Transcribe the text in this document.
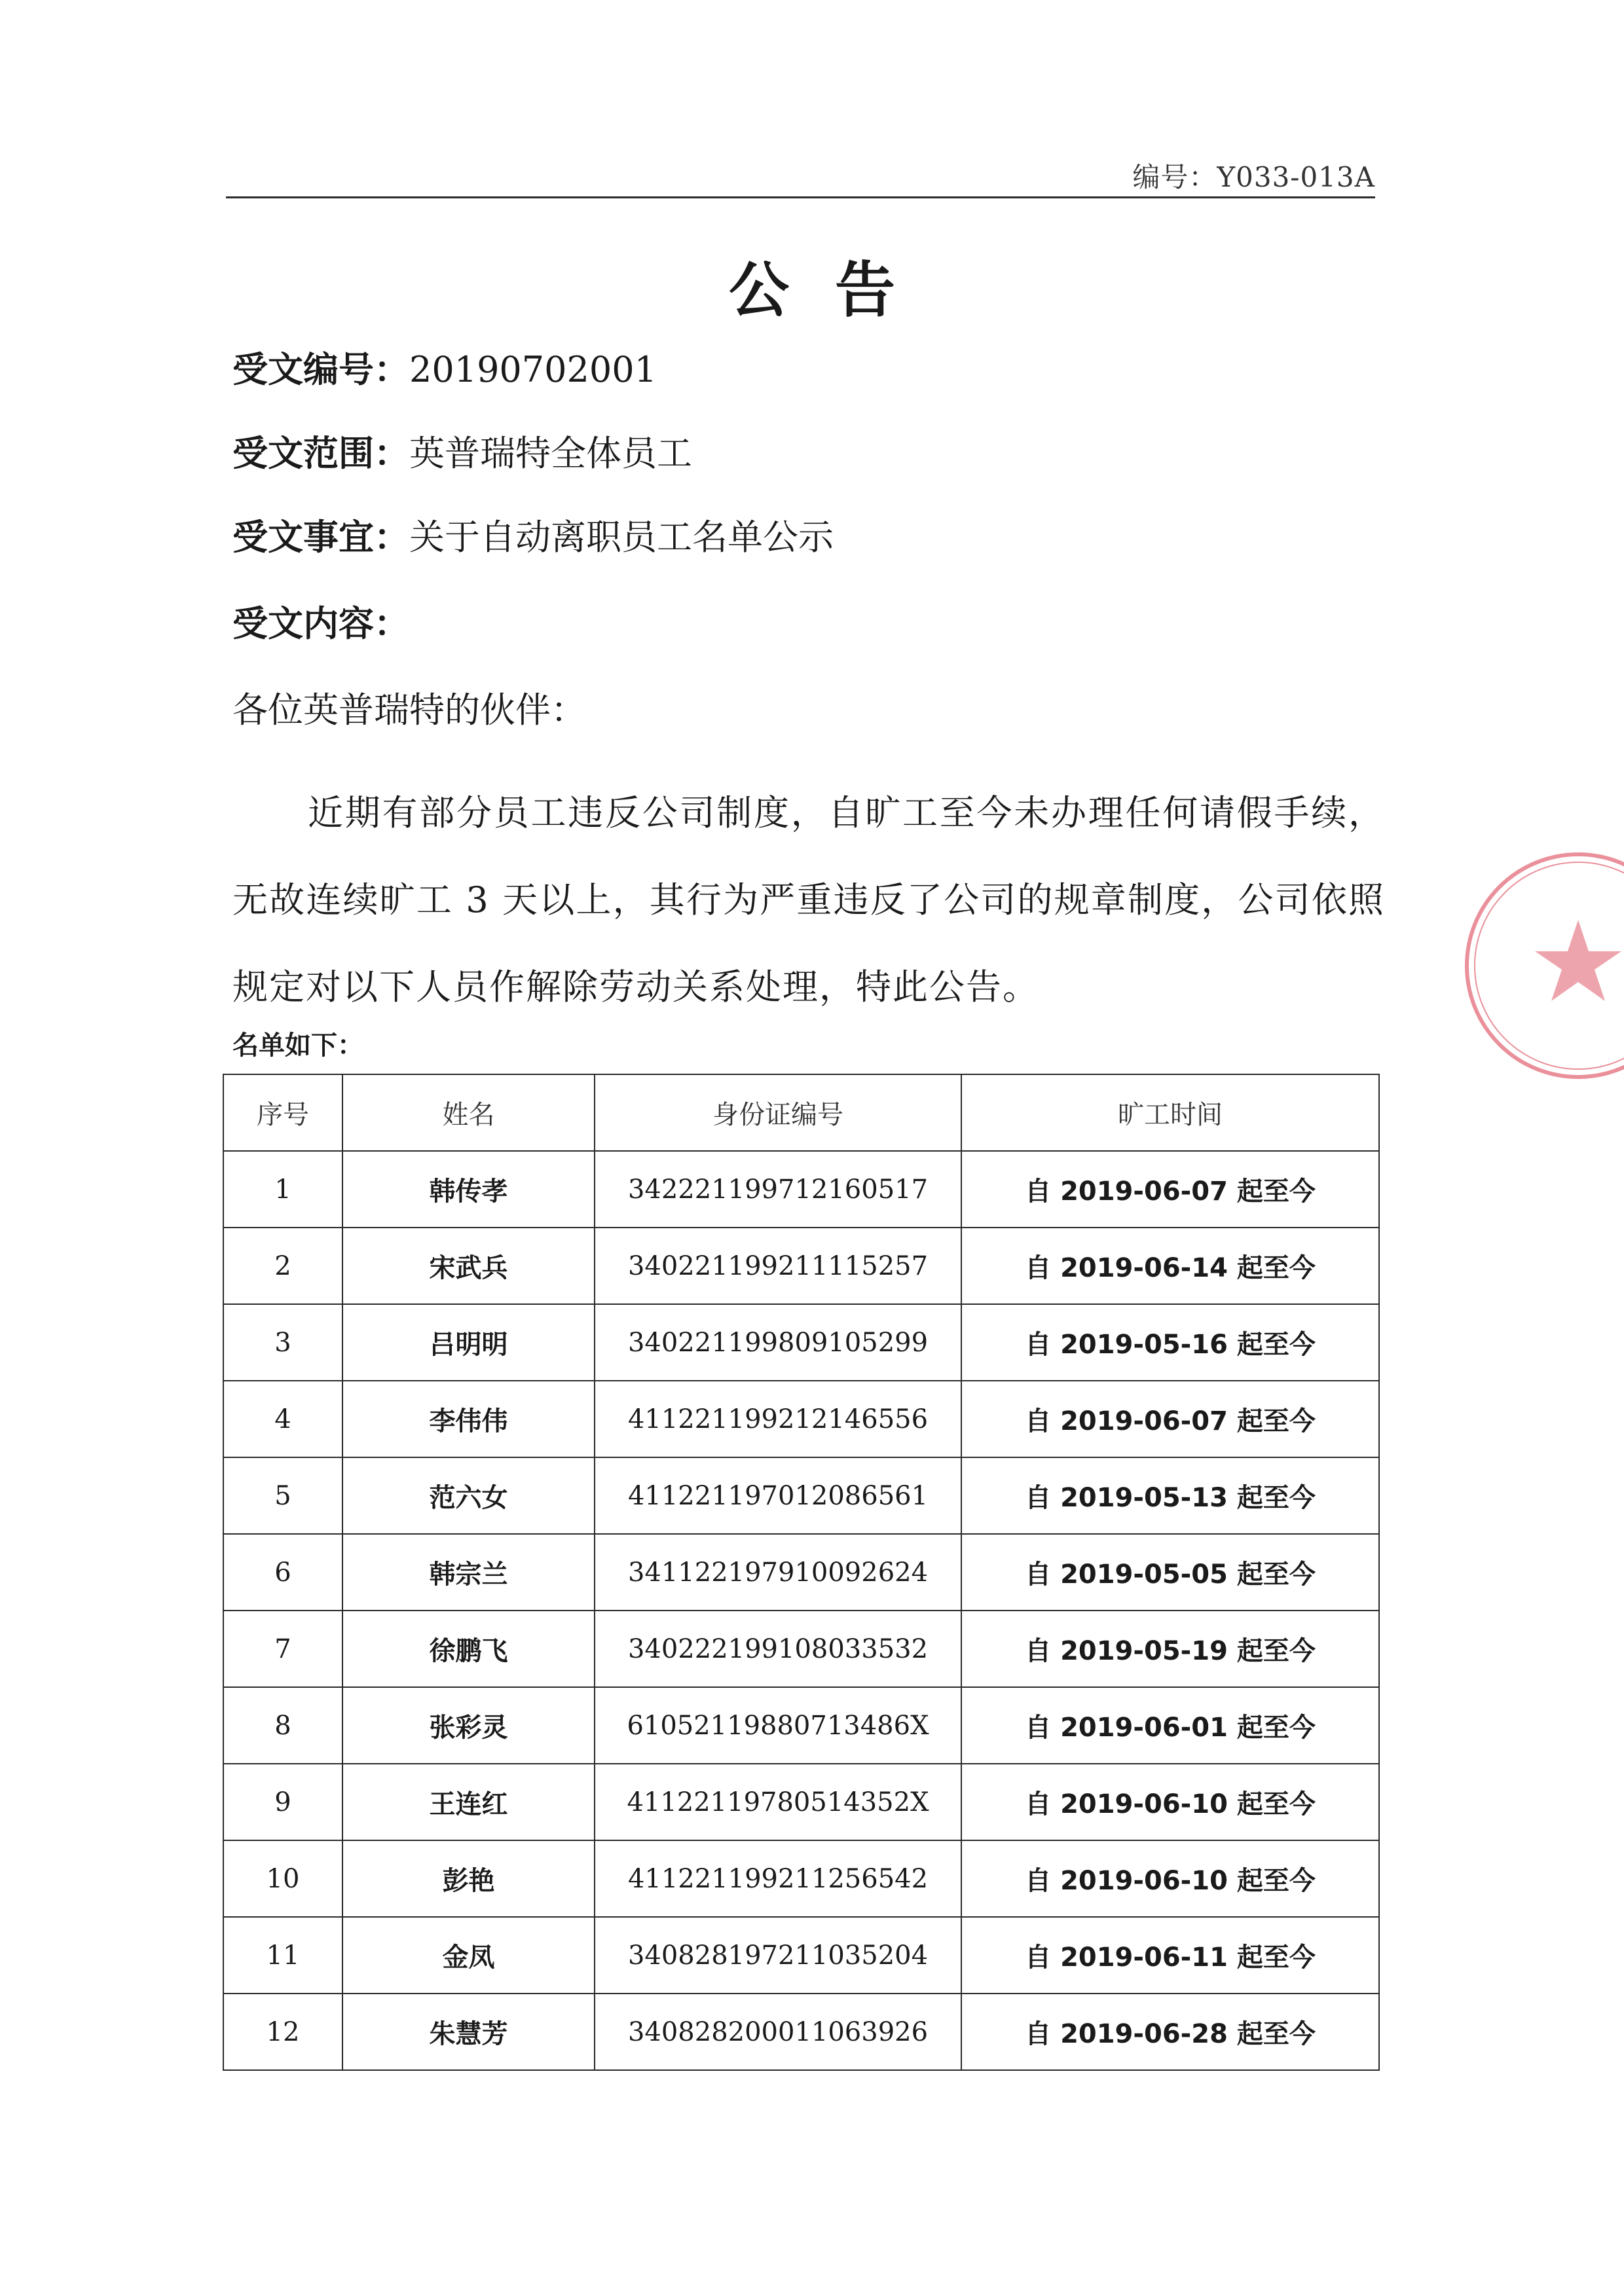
编号：Y033-013A
公告
受文编号：20190702001
受文范围：英普瑞特全体员工
受文事宜：关于自动离职员工名单公示
受文内容：
各位英普瑞特的伙伴：
近期有部分员工违反公司制度，自旷工至今未办理任何请假手续，无故连续旷工 3 天以上，其行为严重违反了公司的规章制度，公司依照规定对以下人员作解除劳动关系处理，特此公告。
名单如下：
序号	姓名	身份证编号	旷工时间
1	韩传孝	342221199712160517	自 2019-06-07 起至今
2	宋武兵	340221199211115257	自 2019-06-14 起至今
3	吕明明	340221199809105299	自 2019-05-16 起至今
4	李伟伟	411221199212146556	自 2019-06-07 起至今
5	范六女	411221197012086561	自 2019-05-13 起至今
6	韩宗兰	341122197910092624	自 2019-05-05 起至今
7	徐鹏飞	340222199108033532	自 2019-05-19 起至今
8	张彩灵	61052119880713486X	自 2019-06-01 起至今
9	王连红	41122119780514352X	自 2019-06-10 起至今
10	彭艳	411221199211256542	自 2019-06-10 起至今
11	金凤	340828197211035204	自 2019-06-11 起至今
12	朱慧芳	340828200011063926	自 2019-06-28 起至今
